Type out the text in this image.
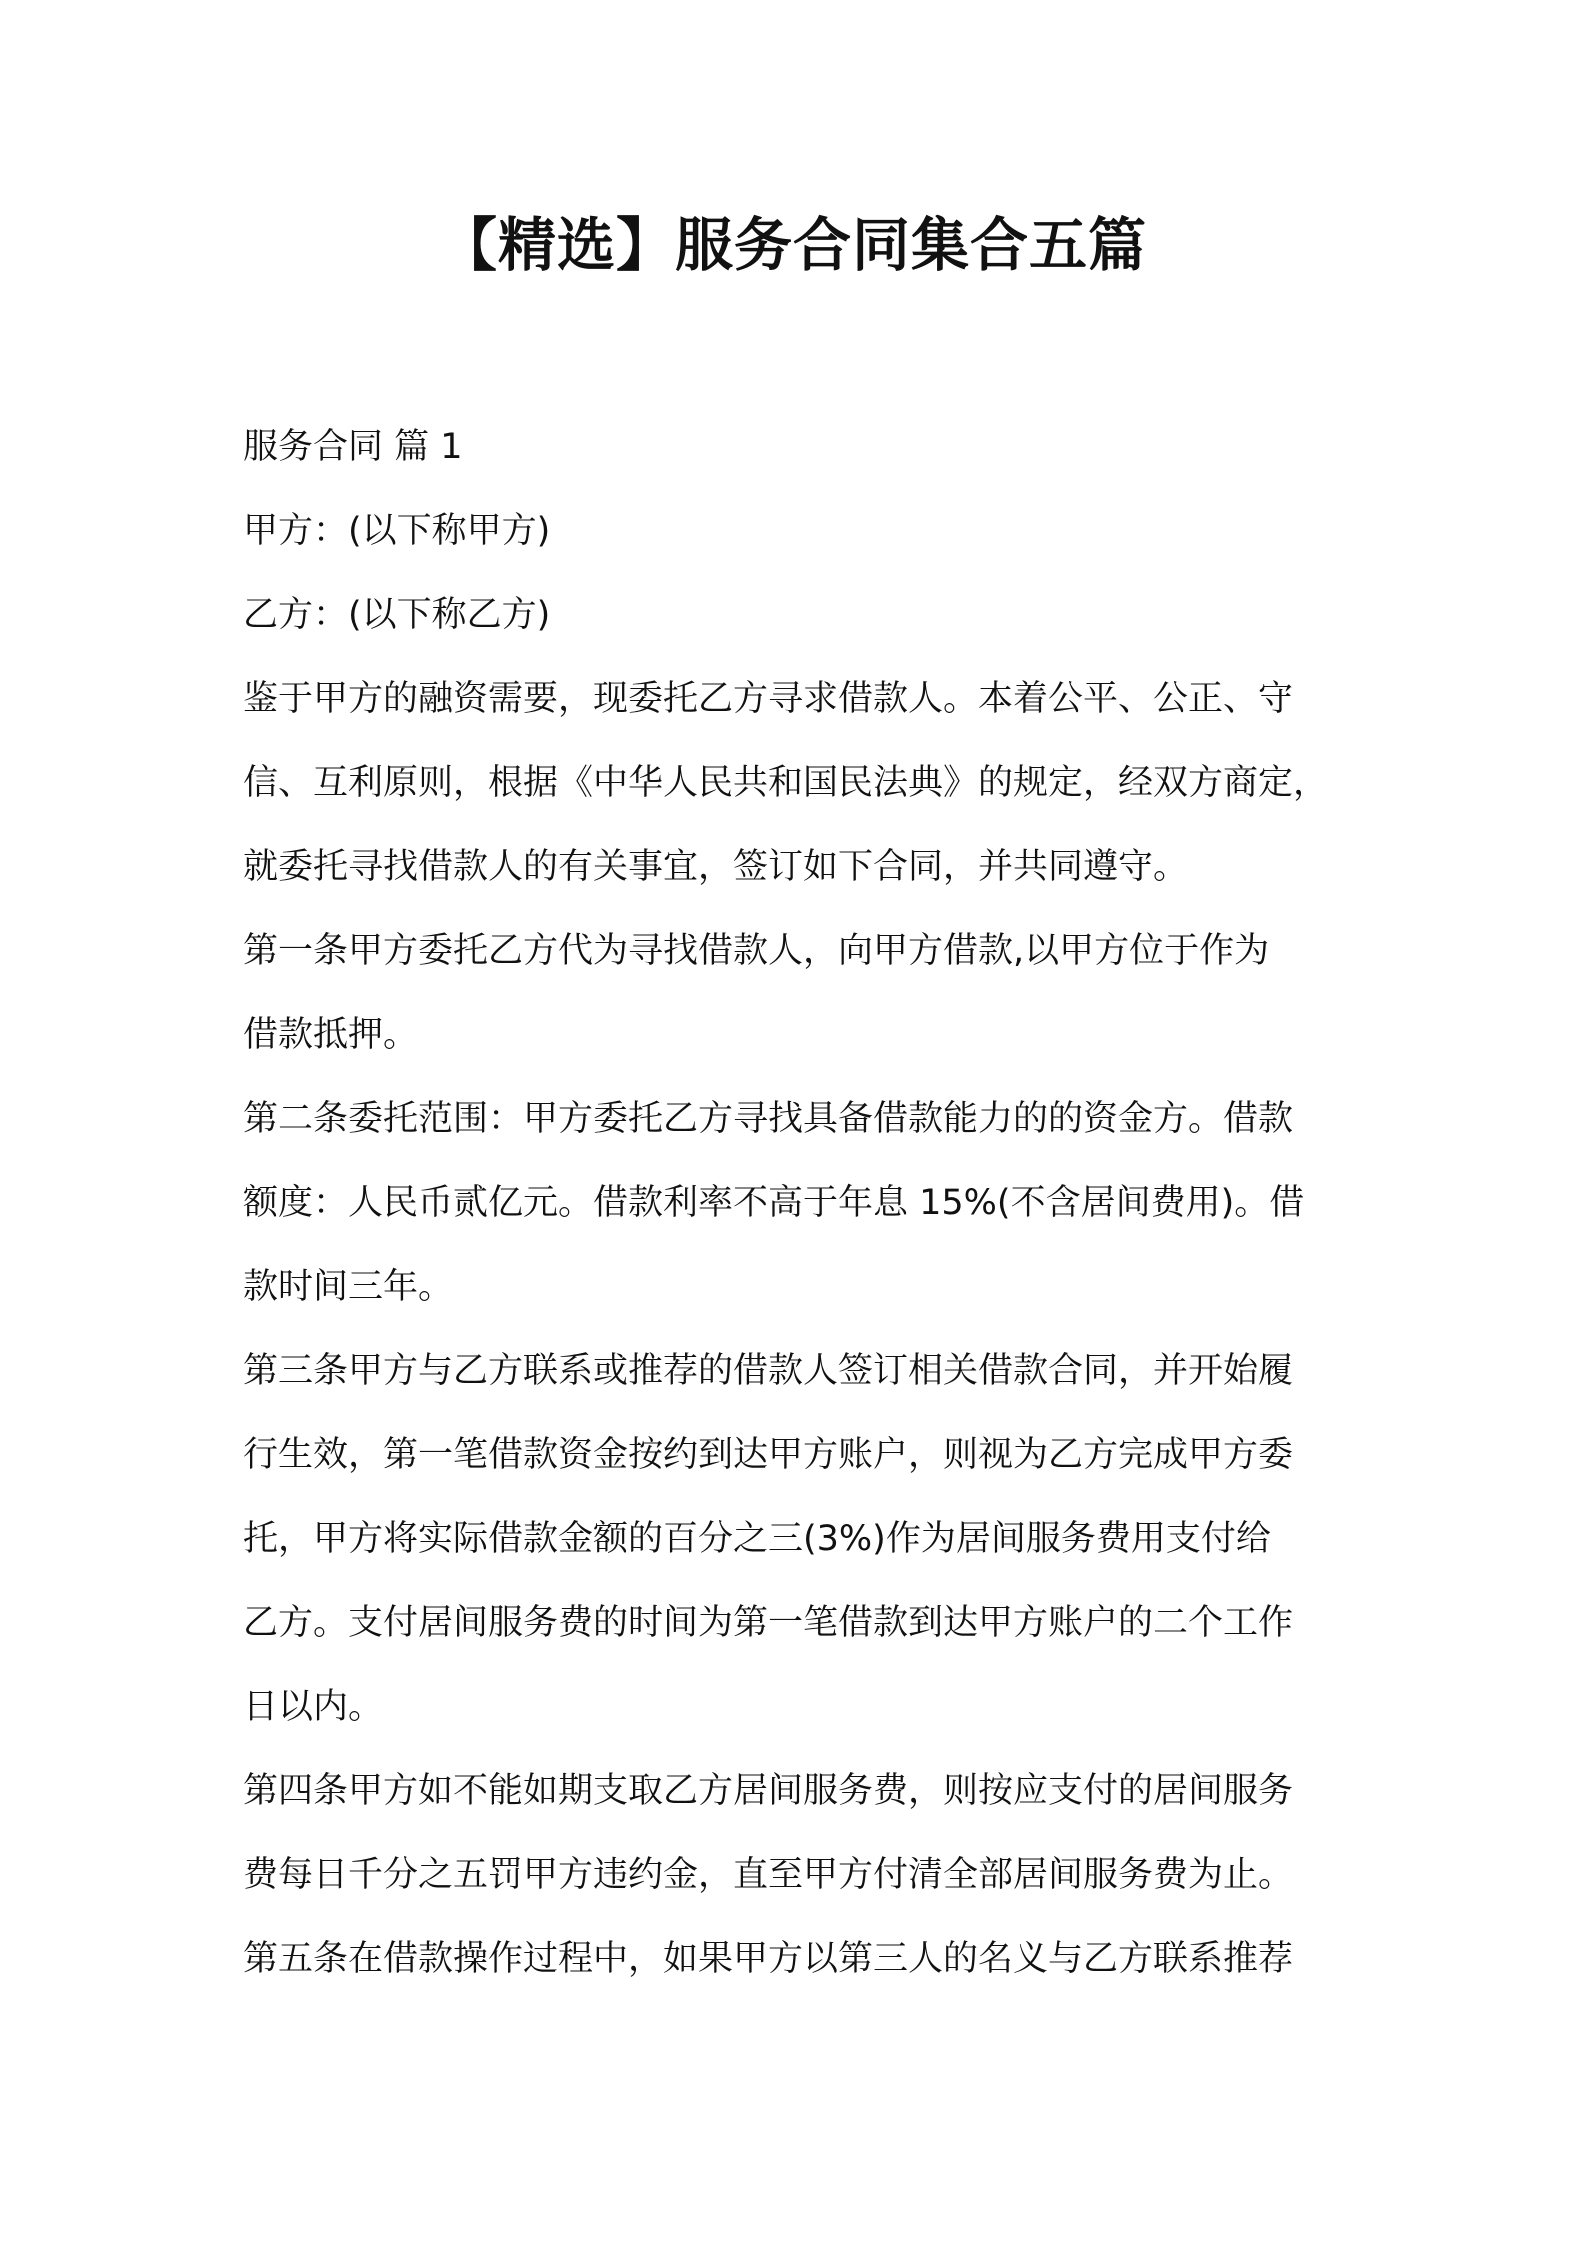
【精选】服务合同集合五篇
服务合同 篇 1
甲方：(以下称甲方)
乙方：(以下称乙方)
鉴于甲方的融资需要，现委托乙方寻求借款人。本着公平、公正、守
信、互利原则，根据《中华人民共和国民法典》的规定，经双方商定，
就委托寻找借款人的有关事宜，签订如下合同，并共同遵守。
第一条甲方委托乙方代为寻找借款人，向甲方借款,以甲方位于作为
借款抵押。
第二条委托范围：甲方委托乙方寻找具备借款能力的的资金方。借款
额度：人民币贰亿元。借款利率不高于年息 15%(不含居间费用)。借
款时间三年。
第三条甲方与乙方联系或推荐的借款人签订相关借款合同，并开始履
行生效，第一笔借款资金按约到达甲方账户，则视为乙方完成甲方委
托，甲方将实际借款金额的百分之三(3%)作为居间服务费用支付给
乙方。支付居间服务费的时间为第一笔借款到达甲方账户的二个工作
日以内。
第四条甲方如不能如期支取乙方居间服务费，则按应支付的居间服务
费每日千分之五罚甲方违约金，直至甲方付清全部居间服务费为止。
第五条在借款操作过程中，如果甲方以第三人的名义与乙方联系推荐
